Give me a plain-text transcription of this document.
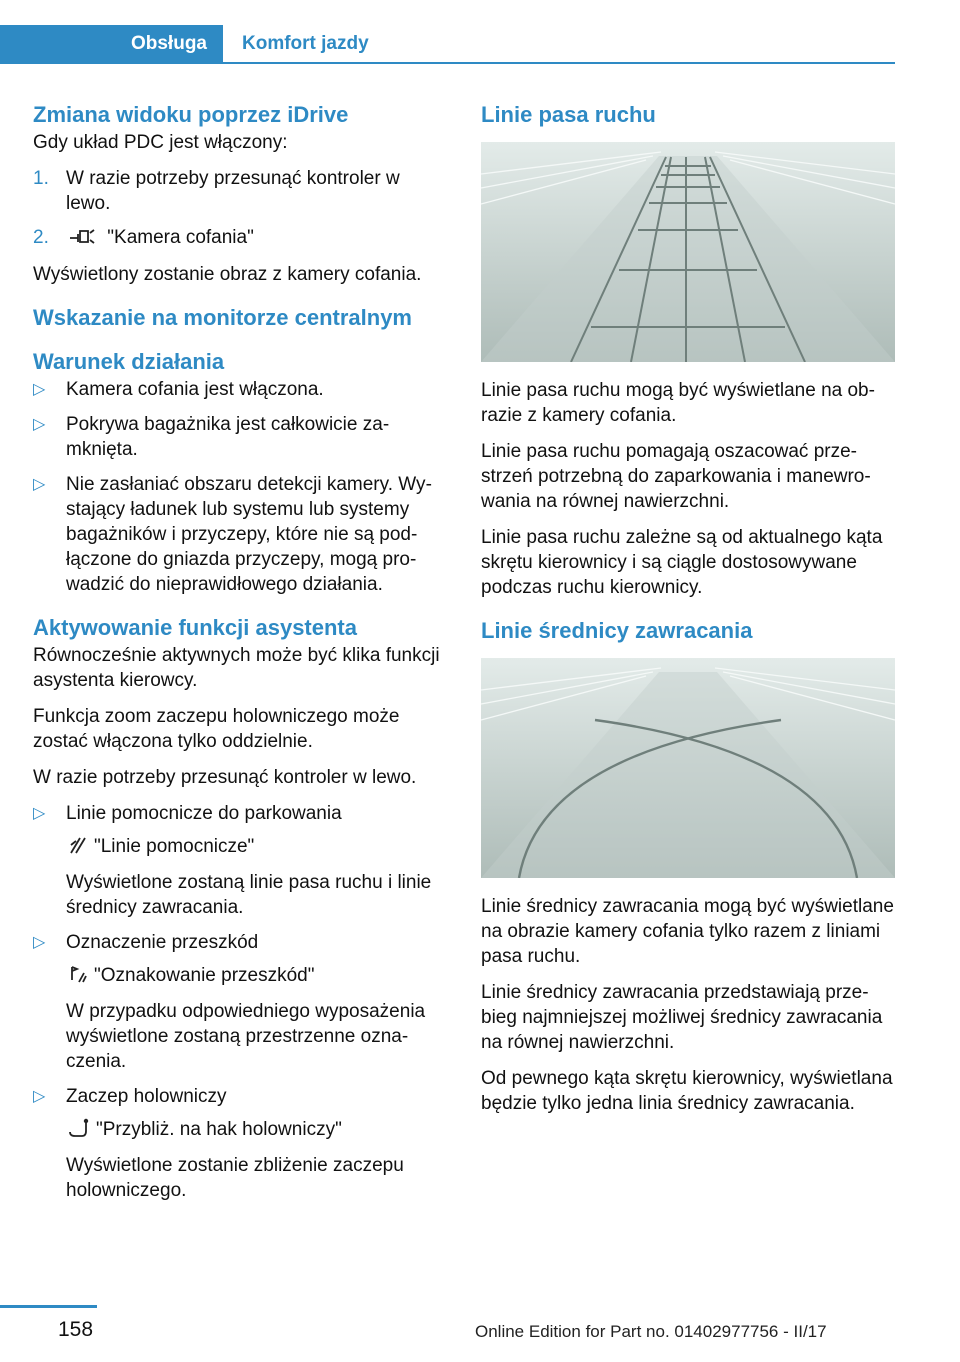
Obsługa	Komfort jazdy
Zmiana widoku poprzez iDrive

Gdy układ PDC jest włączony:

1. W razie potrzeby przesunąć kontroler w lewo.
2.	"Kamera cofania"

Wyświetlony zostanie obraz z kamery cofania.

Wskazanie na monitorze centralnym
Warunek działania
▷ Kamera cofania jest włączona.
▷ Pokrywa bagażnika jest całkowicie zamknięta.
▷ Nie zasłaniać obszaru detekcji kamery. Wystający ładunek lub systemu lub systemy bagażników i przyczepy, które nie są podłączone do gniazda przyczepy, mogą prowadzić do nieprawidłowego działania.
Aktywowanie funkcji asystenta

Równocześnie aktywnych może być klika funkcji asystenta kierowcy.

Funkcja zoom zaczepu holowniczego może zostać włączona tylko oddzielnie.

W razie potrzeby przesunąć kontroler w lewo.

▷ Linie pomocnicze do parkowania

"Linie pomocnicze"

Wyświetlone zostaną linie pasa ruchu i linie średnicy zawracania.

▷ Oznaczenie przeszkód

"Oznakowanie przeszkód"

W przypadku odpowiedniego wyposażenia wyświetlone zostaną przestrzenne oznaczenia.

▷ Zaczep holowniczy

"Przybliż. na hak holowniczy"

Wyświetlone zostanie zbliżenie zaczepu holowniczego.

Linie pasa ruchu

Linie pasa ruchu mogą być wyświetlane na obrazie z kamery cofania.

Linie pasa ruchu pomagają oszacować przestrzeń potrzebną do zaparkowania i manewrowania na równej nawierzchni.

Linie pasa ruchu zależne są od aktualnego kąta skrętu kierownicy i są ciągle dostosowywane podczas ruchu kierownicy.

Linie średnicy zawracania

Linie średnicy zawracania mogą być wyświetlane na obrazie kamery cofania tylko razem z liniami pasa ruchu.

Linie średnicy zawracania przedstawiają przebieg najmniejszej możliwej średnicy zawracania na równej nawierzchni.

Od pewnego kąta skrętu kierownicy, wyświetlana będzie tylko jedna linia średnicy zawracania.

158	Online Edition for Part no. 01402977756 - II/17
